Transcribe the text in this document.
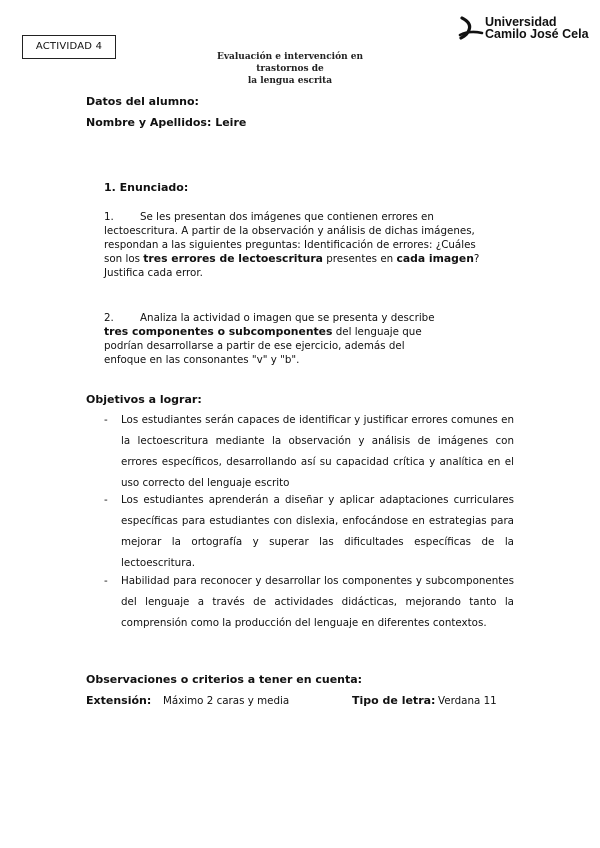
ACTIVIDAD 4
Evaluación e intervención en trastornos de
la lengua escrita
Universidad
Camilo José Cela
Datos del alumno:
Nombre y Apellidos: Leire
1. Enunciado:
1.	Se les presentan dos imágenes que contienen errores en
lectoescritura. A partir de la observación y análisis de dichas imágenes,
respondan a las siguientes preguntas: Identificación de errores: ¿Cuáles
son los tres errores de lectoescritura presentes en cada imagen?
Justifica cada error.
2.	Analiza la actividad o imagen que se presenta y describe
tres componentes o subcomponentes del lenguaje que
podrían desarrollarse a partir de ese ejercicio, además del
enfoque en las consonantes "v" y "b".
Objetivos a lograr:
- Los estudiantes serán capaces de identificar y justificar errores comunes en la lectoescritura mediante la observación y análisis de imágenes con errores específicos, desarrollando así su capacidad crítica y analítica en el uso correcto del lenguaje escrito
- Los estudiantes aprenderán a diseñar y aplicar adaptaciones curriculares específicas para estudiantes con dislexia, enfocándose en estrategias para mejorar la ortografía y superar las dificultades específicas de la lectoescritura.
- Habilidad para reconocer y desarrollar los componentes y subcomponentes del lenguaje a través de actividades didácticas, mejorando tanto la comprensión como la producción del lenguaje en diferentes contextos.
Observaciones o criterios a tener en cuenta:
Extensión: Máximo 2 caras y media	Tipo de letra: Verdana 11
